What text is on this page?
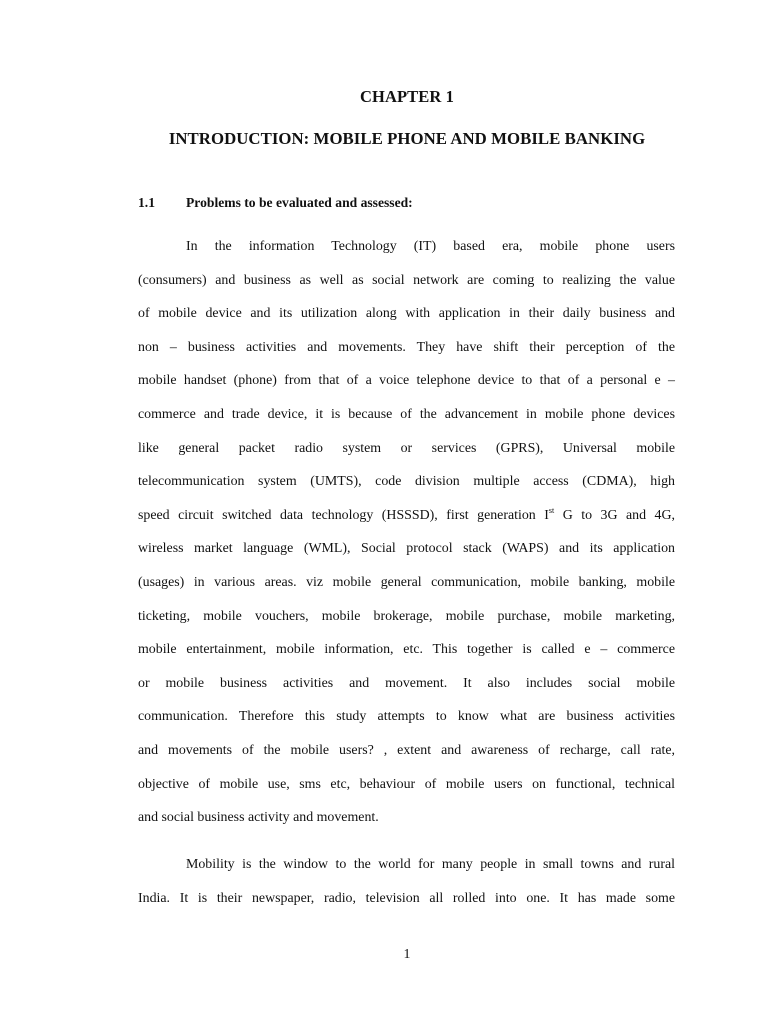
CHAPTER 1
INTRODUCTION: MOBILE PHONE AND MOBILE BANKING
1.1 Problems to be evaluated and assessed:
In the information Technology (IT) based era, mobile phone users
(consumers) and business as well as social network are coming to realizing the value
of mobile device and its utilization along with application in their daily business and
non – business activities and movements. They have shift their perception of the
mobile handset (phone) from that of a voice telephone device to that of a personal e –
commerce and trade device, it is because of the advancement in mobile phone devices
like general packet radio system or services (GPRS), Universal mobile
telecommunication system (UMTS), code division multiple access (CDMA), high
speed circuit switched data technology (HSSSD), first generation Ist G to 3G and 4G,
wireless market language (WML), Social protocol stack (WAPS) and its application
(usages) in various areas. viz mobile general communication, mobile banking, mobile
ticketing, mobile vouchers, mobile brokerage, mobile purchase, mobile marketing,
mobile entertainment, mobile information, etc. This together is called e – commerce
or mobile business activities and movement. It also includes social mobile
communication. Therefore this study attempts to know what are business activities
and movements of the mobile users? , extent and awareness of recharge, call rate,
objective of mobile use, sms etc, behaviour of mobile users on functional, technical
and social business activity and movement.
Mobility is the window to the world for many people in small towns and rural
India. It is their newspaper, radio, television all rolled into one. It has made some
1
